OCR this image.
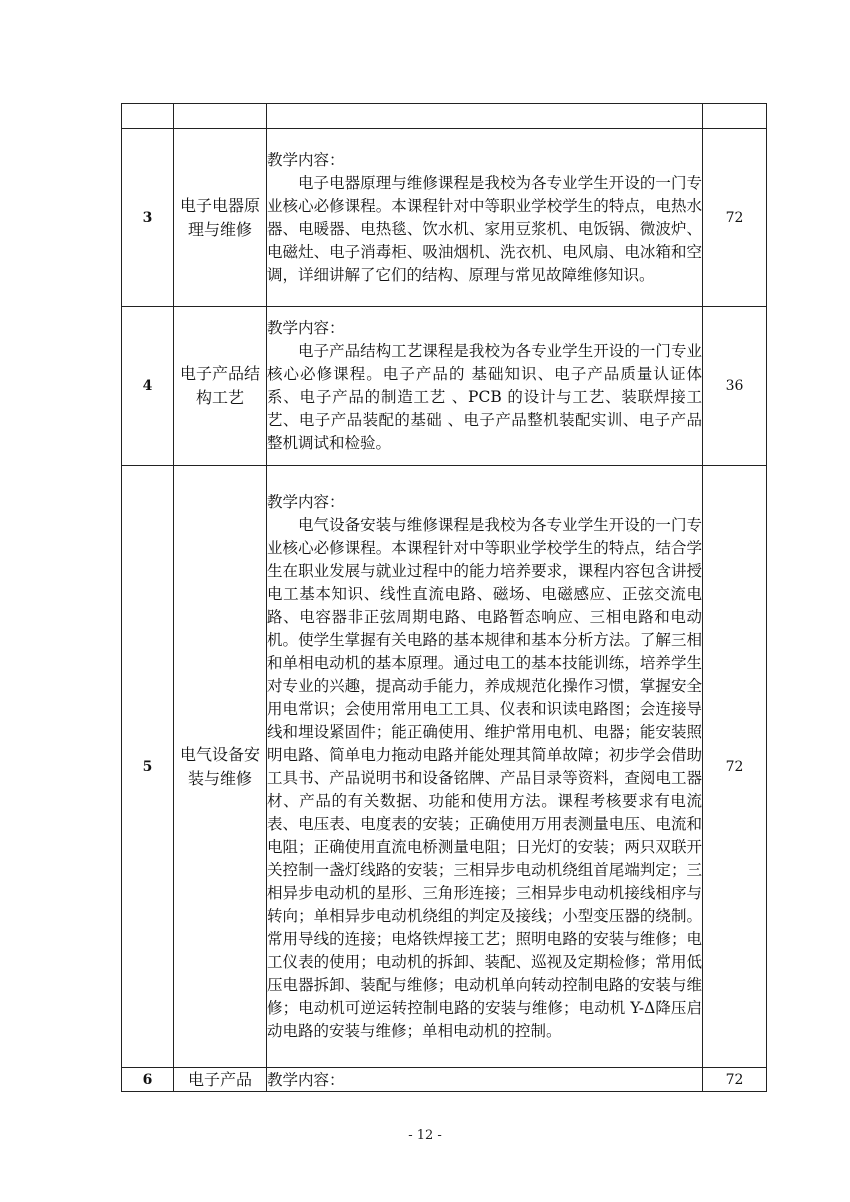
3	电子电器原理与维修	教学内容：

电子电器原理与维修课程是我校为各专业学生开设的一门专业核心必修课程。本课程针对中等职业学校学生的特点，电热水器、电暖器、电热毯、饮水机、家用豆浆机、电饭锅、微波炉、电磁灶、电子消毒柜、吸油烟机、洗衣机、电风扇、电冰箱和空调，详细讲解了它们的结构、原理与常见故障维修知识。	72
4	电子产品结构工艺	教学内容：

电子产品结构工艺课程是我校为各专业学生开设的一门专业核心必修课程。电子产品的 基础知识、电子产品质量认证体系、电子产品的制造工艺 、PCB 的设计与工艺、装联焊接工艺、电子产品装配的基础 、电子产品整机装配实训、电子产品整机调试和检验。	36
5	电气设备安装与维修	教学内容：

电气设备安装与维修课程是我校为各专业学生开设的一门专业核心必修课程。本课程针对中等职业学校学生的特点，结合学生在职业发展与就业过程中的能力培养要求，课程内容包含讲授电工基本知识、线性直流电路、磁场、电磁感应、正弦交流电路、电容器非正弦周期电路、电路暂态响应、三相电路和电动机。使学生掌握有关电路的基本规律和基本分析方法。了解三相和单相电动机的基本原理。通过电工的基本技能训练，培养学生对专业的兴趣，提高动手能力，养成规范化操作习惯，掌握安全用电常识；会使用常用电工工具、仪表和识读电路图；会连接导线和埋设紧固件；能正确使用、维护常用电机、电器；能安装照明电路、简单电力拖动电路并能处理其简单故障；初步学会借助工具书、产品说明书和设备铭牌、产品目录等资料，查阅电工器材、产品的有关数据、功能和使用方法。课程考核要求有电流表、电压表、电度表的安装；正确使用万用表测量电压、电流和电阻；正确使用直流电桥测量电阻；日光灯的安装；两只双联开关控制一盏灯线路的安装；三相异步电动机绕组首尾端判定；三相异步电动机的星形、三角形连接；三相异步电动机接线相序与转向；单相异步电动机绕组的判定及接线；小型变压器的绕制。常用导线的连接；电烙铁焊接工艺；照明电路的安装与维修；电工仪表的使用；电动机的拆卸、装配、巡视及定期检修；常用低压电器拆卸、装配与维修；电动机单向转动控制电路的安装与维修；电动机可逆运转控制电路的安装与维修；电动机 Y-Δ降压启动电路的安装与维修；单相电动机的控制。	72
6	电子产品	教学内容：	72
- 12 -
